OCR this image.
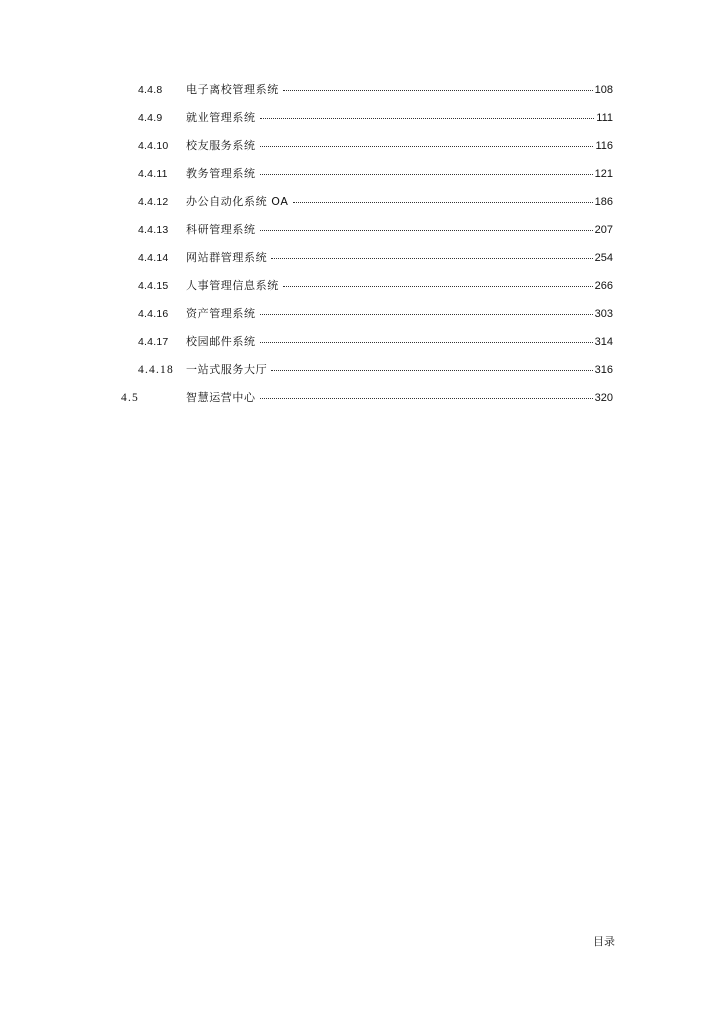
4.4.8 电子离校管理系统	108
4.4.9 就业管理系统	111
4.4.10 校友服务系统	116
4.4.11 教务管理系统	121
4.4.12 办公自动化系统 OA	186
4.4.13 科研管理系统	207
4.4.14 网站群管理系统	254
4.4.15 人事管理信息系统	266
4.4.16 资产管理系统	303
4.4.17 校园邮件系统	314
4.4.18 一站式服务大厅	316
4.5	智慧运营中心	320
目录
